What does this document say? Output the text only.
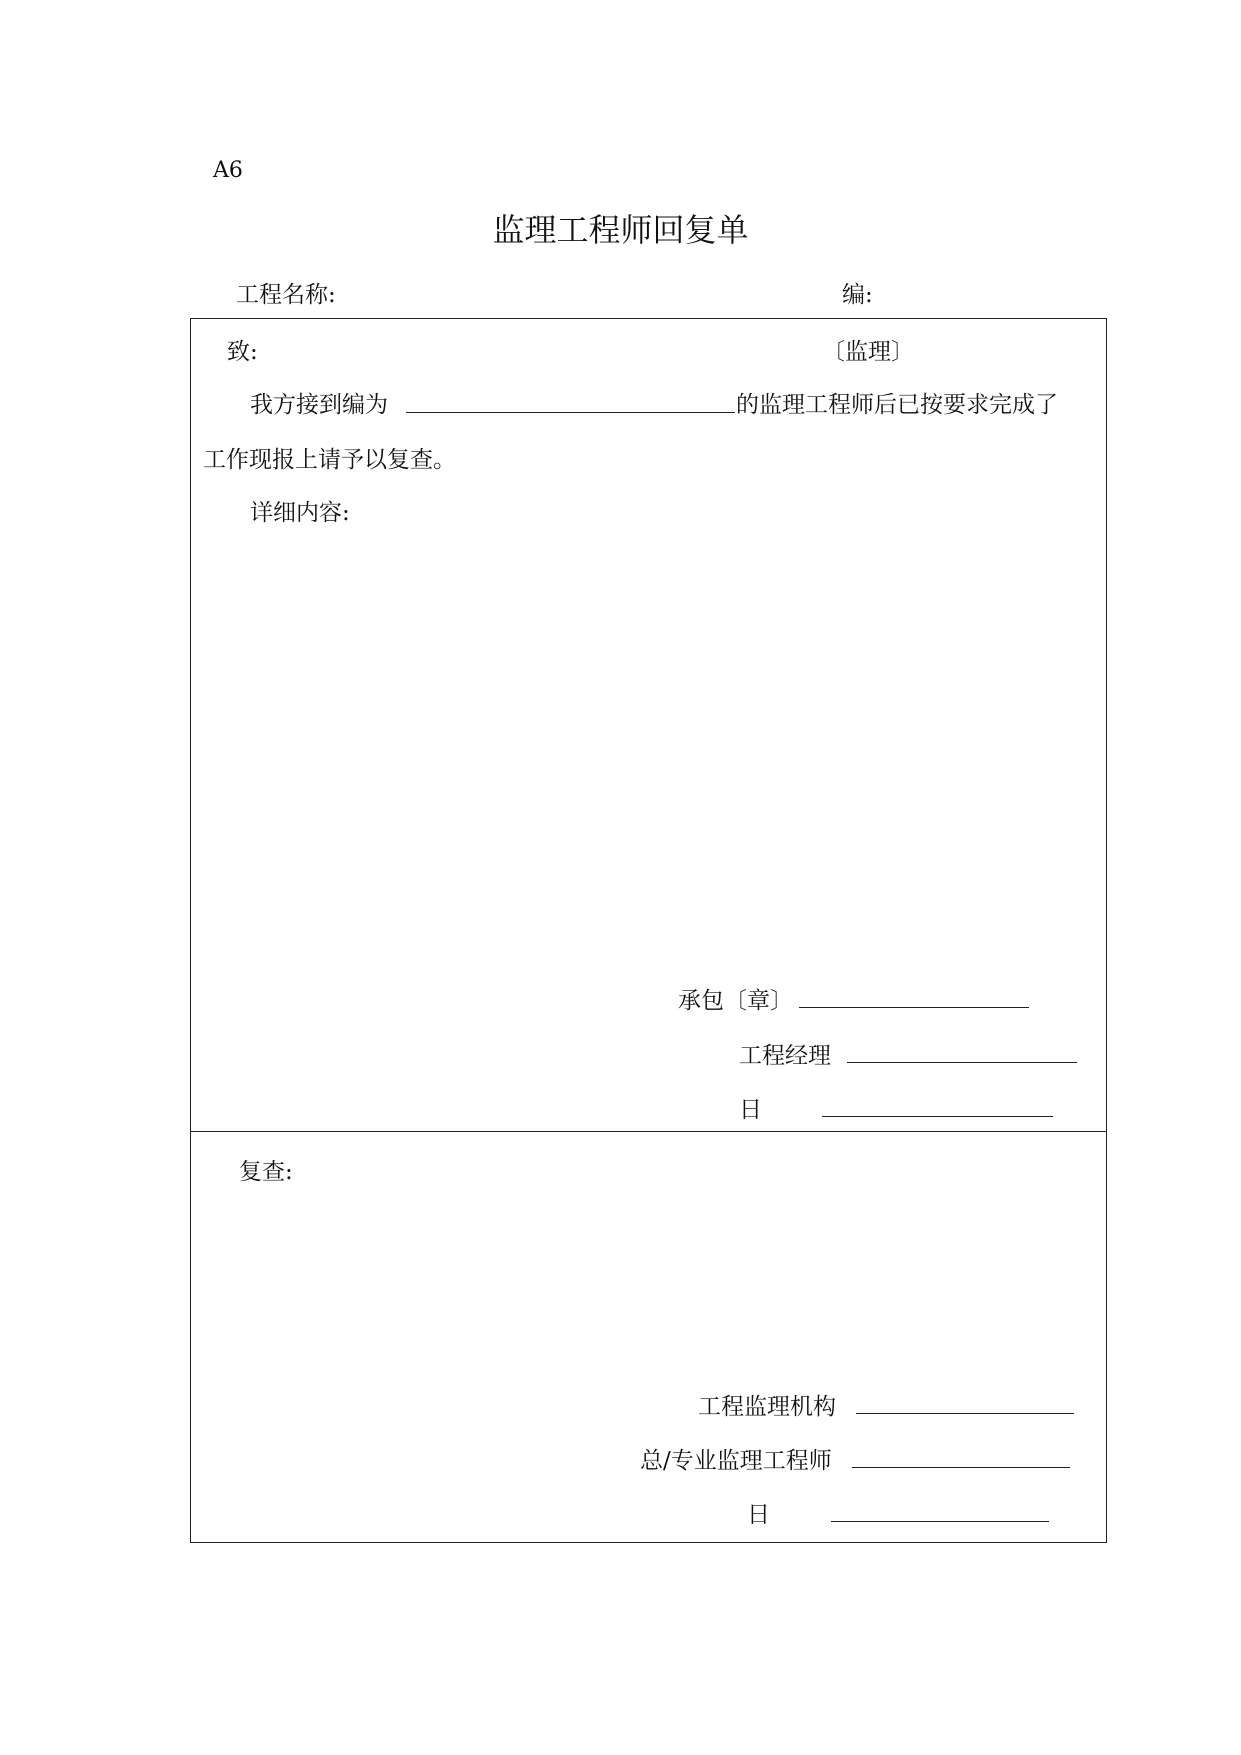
A6
监理工程师回复单
工程名称:	编:
致:	〔监理〕
我方接到编为	的监理工程师后已按要求完成了
工作现报上请予以复查。
详细内容:
承包〔章〕
工程经理
日
复查:
工程监理机构
总/专业监理工程师
日
